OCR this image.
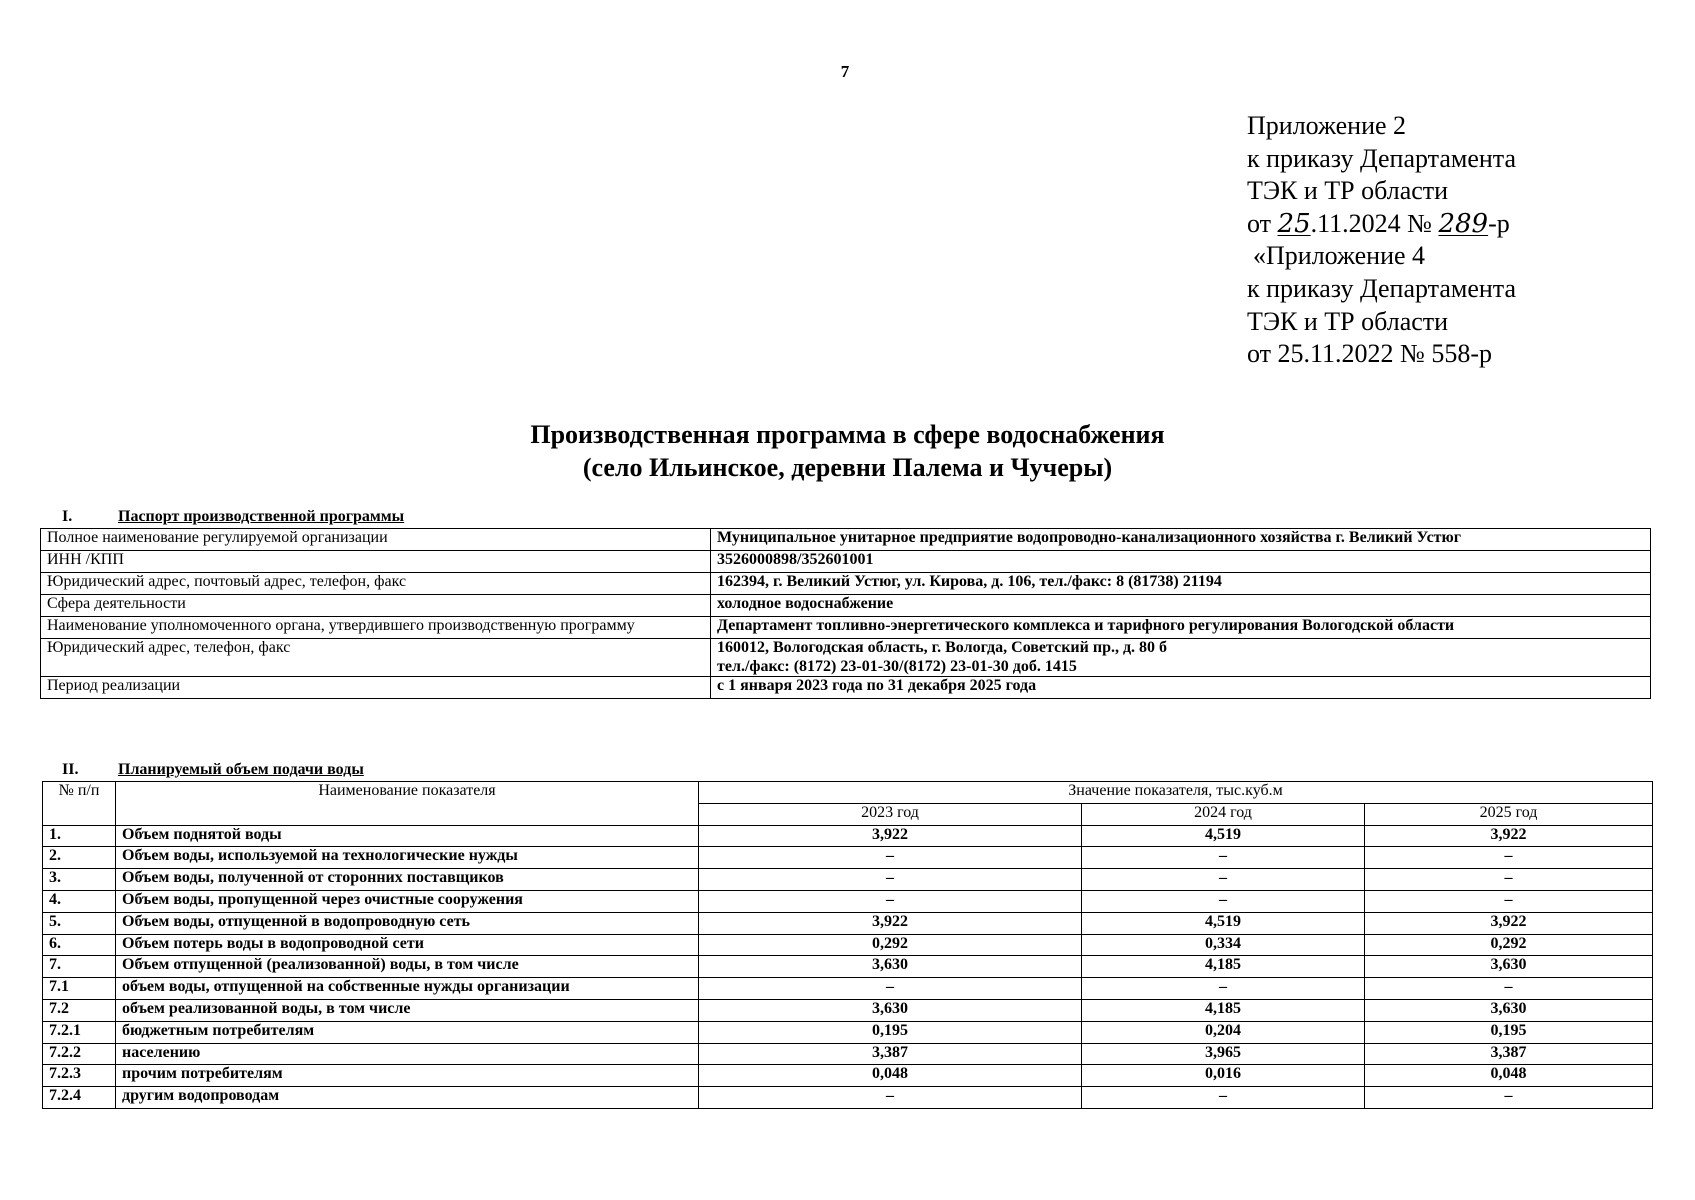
7
Приложение 2
к приказу Департамента
ТЭК и ТР области
от 25.11.2024 № 289-р
«Приложение 4
к приказу Департамента
ТЭК и ТР области
от 25.11.2022 № 558-р
Производственная программа в сфере водоснабжения
(село Ильинское, деревни Палема и Чучеры)
I.	Паспорт производственной программы
Полное наименование регулируемой организации	Муниципальное унитарное предприятие водопроводно-канализационного хозяйства г. Великий Устюг
ИНН /КПП	3526000898/352601001
Юридический адрес, почтовый адрес, телефон, факс	162394, г. Великий Устюг, ул. Кирова, д. 106, тел./факс: 8 (81738) 21194
Сфера деятельности	холодное водоснабжение
Наименование уполномоченного органа, утвердившего производственную программу	Департамент топливно-энергетического комплекса и тарифного регулирования Вологодской области
Юридический адрес, телефон, факс	160012, Вологодская область, г. Вологда, Советский пр., д. 80 б
тел./факс: (8172) 23-01-30/(8172) 23-01-30 доб. 1415
Период реализации	с 1 января 2023 года по 31 декабря 2025 года
II. Планируемый объем подачи воды
№ п/п	Наименование показателя	Значение показателя, тыс.куб.м		
		2023 год	2024 год	2025 год
1.	Объем поднятой воды	3,922	4,519	3,922
2.	Объем воды, используемой на технологические нужды	–	–	–
3.	Объем воды, полученной от сторонних поставщиков	–	–	–
4.	Объем воды, пропущенной через очистные сооружения	–	–	–
5.	Объем воды, отпущенной в водопроводную сеть	3,922	4,519	3,922
6.	Объем потерь воды в водопроводной сети	0,292	0,334	0,292
7.	Объем отпущенной (реализованной) воды, в том числе	3,630	4,185	3,630
7.1	объем воды, отпущенной на собственные нужды организации	–	–	–
7.2	объем реализованной воды, в том числе	3,630	4,185	3,630
7.2.1	бюджетным потребителям	0,195	0,204	0,195
7.2.2	населению	3,387	3,965	3,387
7.2.3	прочим потребителям	0,048	0,016	0,048
7.2.4	другим водопроводам	–	–	–
